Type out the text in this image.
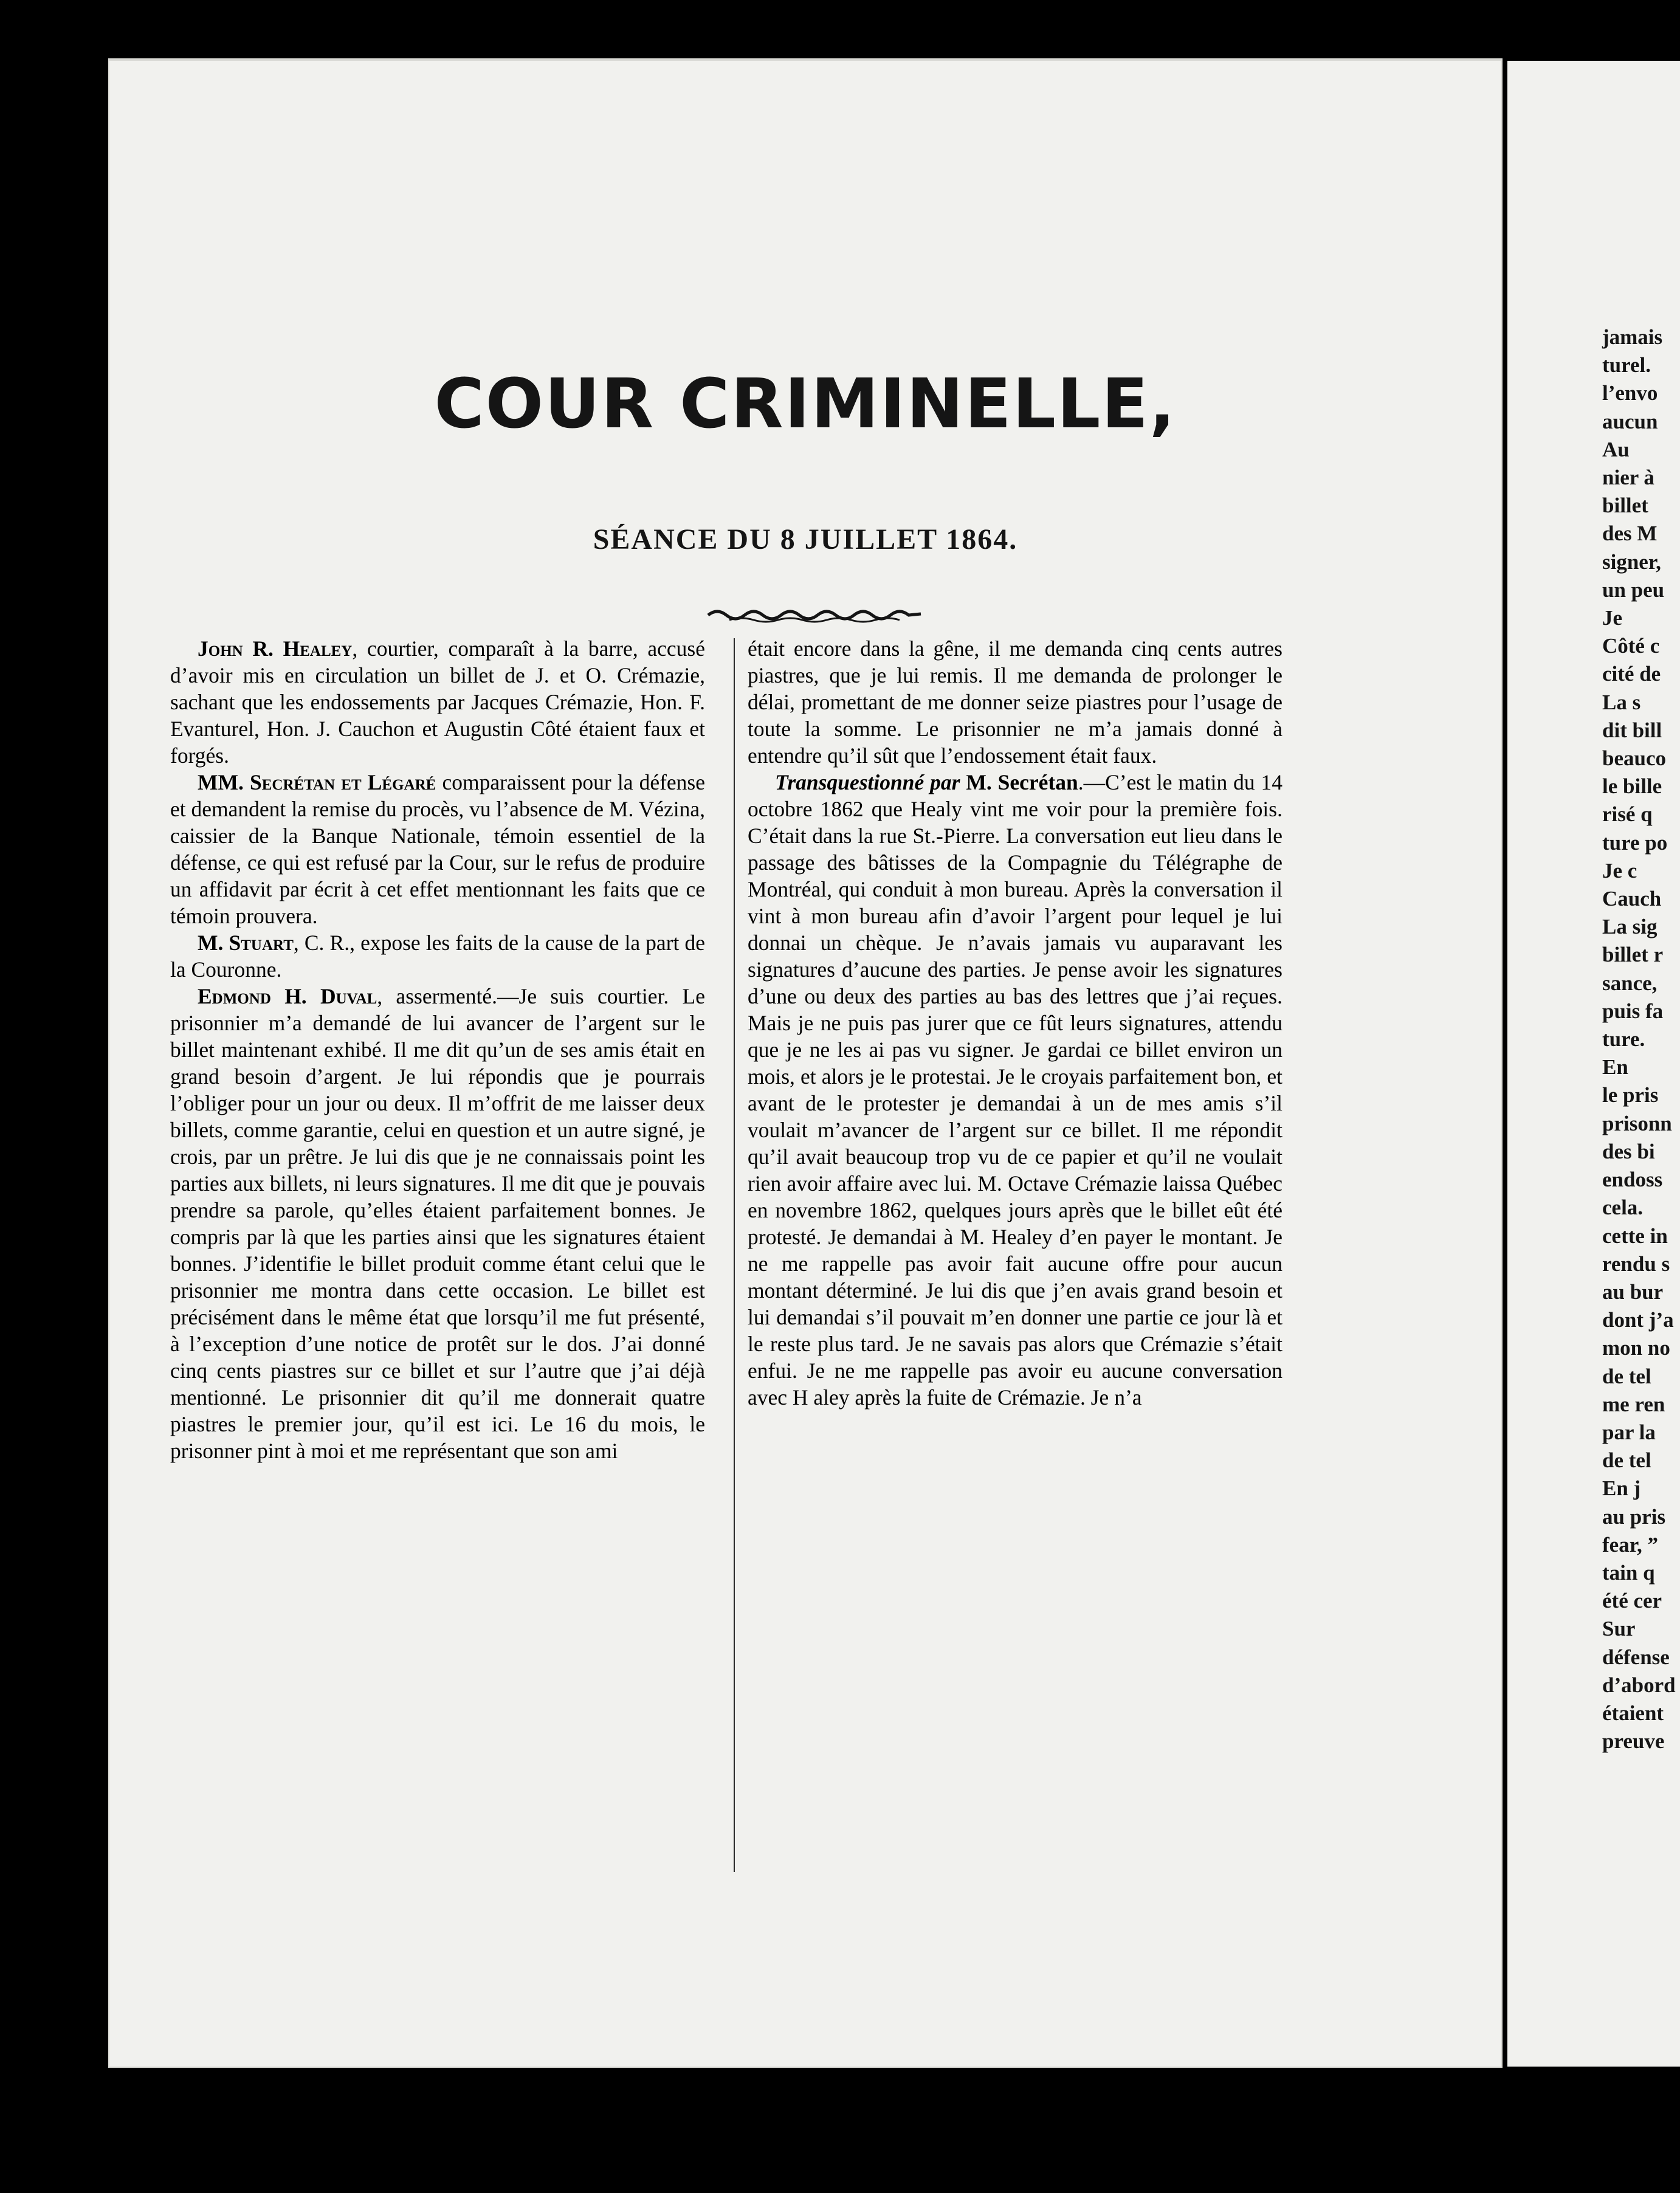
COUR CRIMINELLE,
SÉANCE DU 8 JUILLET 1864.

John R. Healey, courtier, comparaît à la barre, accusé d’avoir mis en circulation un billet de J. et O. Crémazie, sachant que les endossements par Jacques Crémazie, Hon. F. Evanturel, Hon. J. Cauchon et Augustin Côté étaient faux et forgés.

MM. Secrétan et Légaré comparaissent pour la défense et demandent la remise du procès, vu l’absence de M. Vézina, caissier de la Banque Nationale, témoin essentiel de la défense, ce qui est refusé par la Cour, sur le refus de produire un affidavit par écrit à cet effet mentionnant les faits que ce témoin prouvera.

M. Stuart, C. R., expose les faits de la cause de la part de la Couronne.

Edmond H. Duval, assermenté.—Je suis courtier. Le prisonnier m’a demandé de lui avancer de l’argent sur le billet maintenant exhibé. Il me dit qu’un de ses amis était en grand besoin d’argent. Je lui répondis que je pourrais l’obliger pour un jour ou deux. Il m’offrit de me laisser deux billets, comme garantie, celui en question et un autre signé, je crois, par un prêtre. Je lui dis que je ne connaissais point les parties aux billets, ni leurs signatures. Il me dit que je pouvais prendre sa parole, qu’elles étaient parfaitement bonnes. Je compris par là que les parties ainsi que les signatures étaient bonnes. J’identifie le billet produit comme étant celui que le prisonnier me montra dans cette occasion. Le billet est précisément dans le même état que lorsqu’il me fut présenté, à l’exception d’une notice de protêt sur le dos. J’ai donné cinq cents piastres sur ce billet et sur l’autre que j’ai déjà mentionné. Le prisonnier dit qu’il me donnerait quatre piastres le premier jour, qu’il est ici. Le 16 du mois, le prisonner pint à moi et me représentant que son ami

était encore dans la gêne, il me demanda cinq cents autres piastres, que je lui remis. Il me demanda de prolonger le délai, promettant de me donner seize piastres pour l’usage de toute la somme. Le prisonnier ne m’a jamais donné à entendre qu’il sût que l’endossement était faux.

Transquestionné par M. Secrétan.—C’est le matin du 14 octobre 1862 que Healy vint me voir pour la première fois. C’était dans la rue St.-Pierre. La conversation eut lieu dans le passage des bâtisses de la Compagnie du Télégraphe de Montréal, qui conduit à mon bureau. Après la conversation il vint à mon bureau afin d’avoir l’argent pour lequel je lui donnai un chèque. Je n’avais jamais vu auparavant les signatures d’aucune des parties. Je pense avoir les signatures d’une ou deux des parties au bas des lettres que j’ai reçues. Mais je ne puis pas jurer que ce fût leurs signatures, attendu que je ne les ai pas vu signer. Je gardai ce billet environ un mois, et alors je le protestai. Je le croyais parfaitement bon, et avant de le protester je demandai à un de mes amis s’il voulait m’avancer de l’argent sur ce billet. Il me répondit qu’il avait beaucoup trop vu de ce papier et qu’il ne voulait rien avoir affaire avec lui. M. Octave Crémazie laissa Québec en novembre 1862, quelques jours après que le billet eût été protesté. Je demandai à M. Healey d’en payer le montant. Je ne me rappelle pas avoir fait aucune offre pour aucun montant déterminé. Je lui dis que j’en avais grand besoin et lui demandai s’il pouvait m’en donner une partie ce jour là et le reste plus tard. Je ne savais pas alors que Crémazie s’était enfui. Je ne me rappelle pas avoir eu aucune conversation avec H aley après la fuite de Crémazie. Je n’a

jamais
turel.
l’envo
aucun
Au
nier à
billet
des M
signer,
un peu
Je
Côté c
cité de
La s
dit bill
beauco
le bille
risé q
ture po
Je c
Cauch
La sig
billet r
sance,
puis fa
ture.
En
le pris
prisonn
des bi
endoss
cela.
cette in
rendu s
au bur
dont j’a
mon no
de tel
me ren
par la
de tel
En j
au pris
fear, ”
tain q
été cer
Sur
défense
d’abord
étaient
preuve
